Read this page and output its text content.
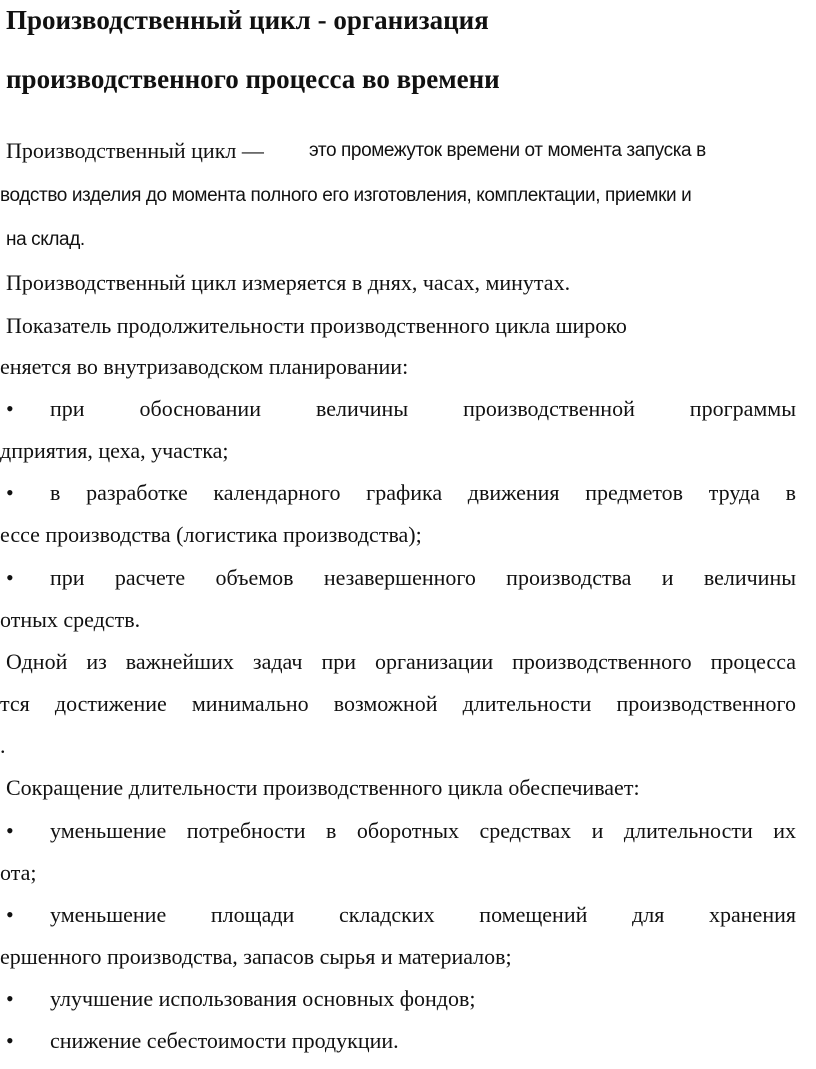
Производственный цикл - организация
производственного процесса во времени
Производственный цикл — это промежуток времени от момента запуска в
водство изделия до момента полного его изготовления, комплектации, приемки и
на склад.
Производственный цикл измеряется в днях, часах, минутах.
Показатель продолжительности производственного цикла широко
еняется во внутризаводском планировании:
• при обосновании величины производственной программы
дприятия, цеха, участка;
• в разработке календарного графика движения предметов труда в
ессе производства (логистика производства);
• при расчете объемов незавершенного производства и величины
отных средств.
Одной из важнейших задач при организации производственного процесса
тся достижение минимально возможной длительности производственного
.
Сокращение длительности производственного цикла обеспечивает:
• уменьшение потребности в оборотных средствах и длительности их
ота;
• уменьшение площади складских помещений для хранения
ершенного производства, запасов сырья и материалов;
• улучшение использования основных фондов;
• снижение себестоимости продукции.
